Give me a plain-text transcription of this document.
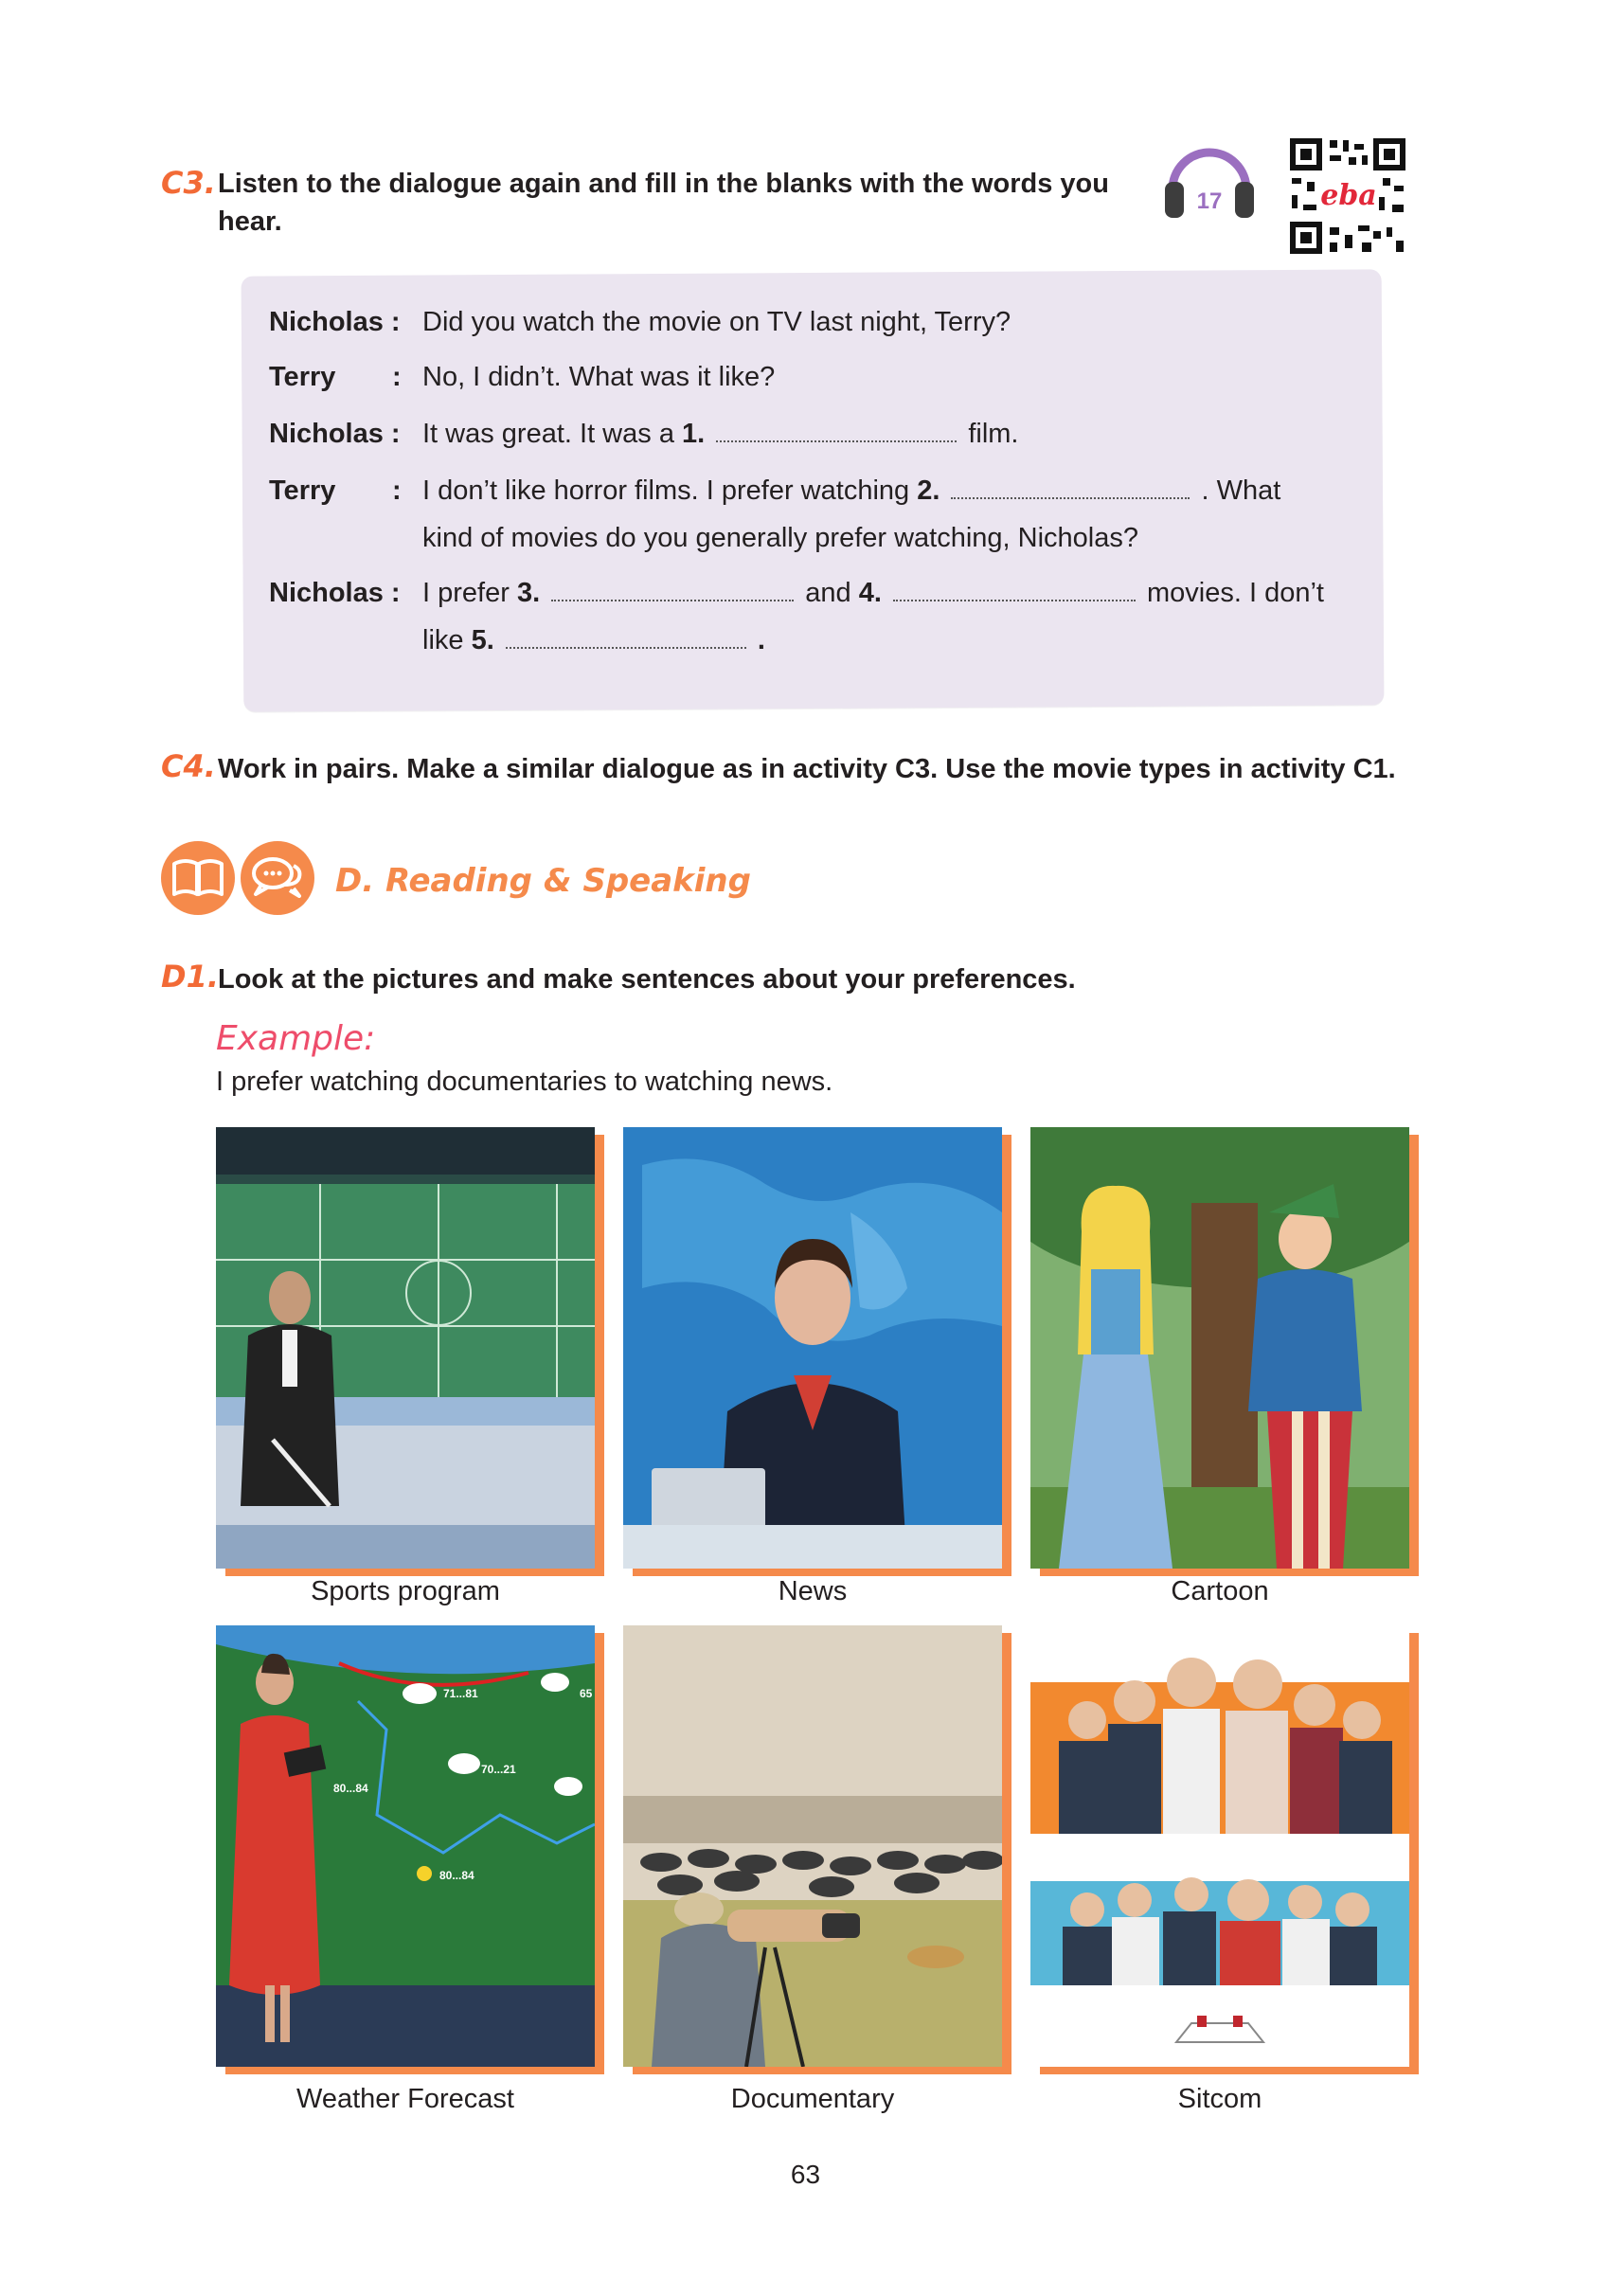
C3. Listen to the dialogue again and fill in the blanks with the words you
hear.
17	eba
Nicholas : Did you watch the movie on TV last night, Terry?
Terry : No, I didn’t. What was it like?
Nicholas : It was great. It was a 1.	film.
Terry : I don’t like horror films. I prefer watching 2.	. What
kind of movies do you generally prefer watching, Nicholas?
Nicholas : I prefer 3.	and 4.	movies. I don’t
like 5.	.
C4. Work in pairs. Make a similar dialogue as in activity C3. Use the movie types in activity C1.
D. Reading & Speaking
D1. Look at the pictures and make sentences about your preferences.
Example:
I prefer watching documentaries to watching news.
Sports program	News	Cartoon
71...81	65
80...84
70...21
80...84
Weather Forecast	Documentary	Sitcom
63
